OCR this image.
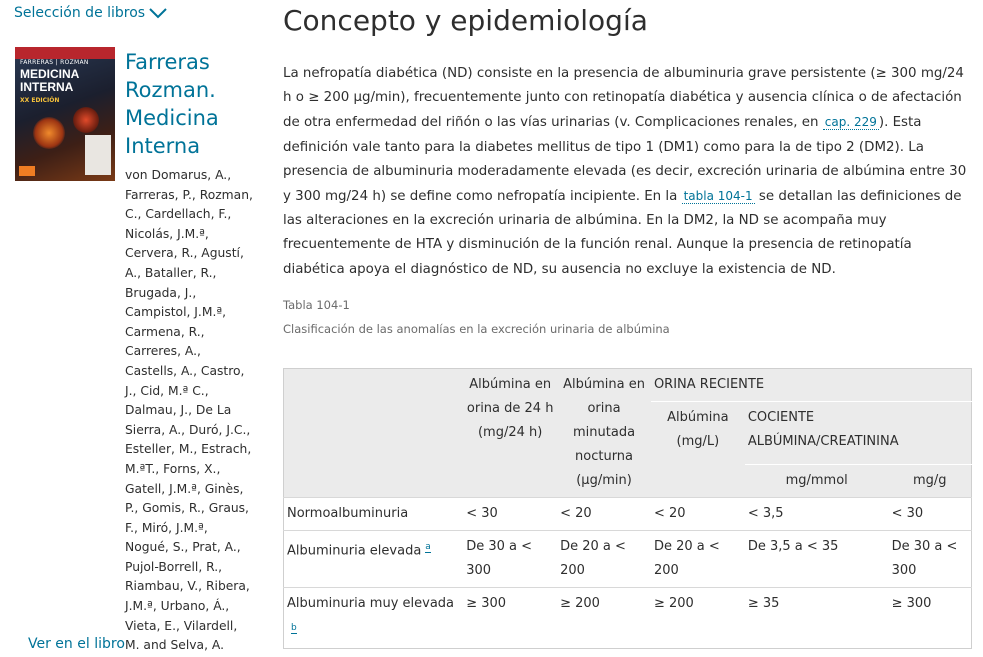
Selección de libros
FARRERAS | ROZMAN
MEDICINA INTERNA
XX EDICIÓN
Farreras Rozman. Medicina Interna
von Domarus, A., Farreras, P., Rozman, C., Cardellach, F., Nicolás, J.M.ª, Cervera, R., Agustí, A., Bataller, R., Brugada, J., Campistol, J.M.ª, Carmena, R., Carreres, A., Castells, A., Castro, J., Cid, M.ª C., Dalmau, J., De La Sierra, A., Duró, J.C., Esteller, M., Estrach, M.ªT., Forns, X., Gatell, J.M.ª, Ginès, P., Gomis, R., Graus, F., Miró, J.M.ª, Nogué, S., Prat, A., Pujol-Borrell, R., Riambau, V., Ribera, J.M.ª, Urbano, Á., Vieta, E., Vilardell, M. and Selva, A.
Ver en el libro
Concepto y epidemiología
La nefropatía diabética (ND) consiste en la presencia de albuminuria grave persistente (≥ 300 mg/24 h o ≥ 200 µg/min), frecuentemente junto con retinopatía diabética y ausencia clínica o de afectación de otra enfermedad del riñón o las vías urinarias (v. Complicaciones renales, en cap. 229 ). Esta definición vale tanto para la diabetes mellitus de tipo 1 (DM1) como para la de tipo 2 (DM2). La presencia de albuminuria moderadamente elevada (es decir, excreción urinaria de albúmina entre 30 y 300 mg/24 h) se define como nefropatía incipiente. En la tabla 104-1 se detallan las definiciones de las alteraciones en la excreción urinaria de albúmina. En la DM2, la ND se acompaña muy frecuentemente de HTA y disminución de la función renal. Aunque la presencia de retinopatía diabética apoya el diagnóstico de ND, su ausencia no excluye la existencia de ND.
Tabla 104-1
Clasificación de las anomalías en la excreción urinaria de albúmina
	Albúmina en orina de 24 h (mg/24 h)	Albúmina en orina minutada nocturna (µg/min)	ORINA RECIENTE		
			Albúmina (mg/L)	COCIENTE ALBÚMINA/CREATININA	
				mg/mmol	mg/g
Normoalbuminuria	< 30	< 20	< 20	< 3,5	< 30
Albuminuria elevada $^a$	De 30 a < 300	De 20 a < 200	De 20 a < 200	De 3,5 a < 35	De 30 a < 300
Albuminuria muy elevada $^b$	≥ 300	≥ 200	≥ 200	≥ 35	≥ 300
